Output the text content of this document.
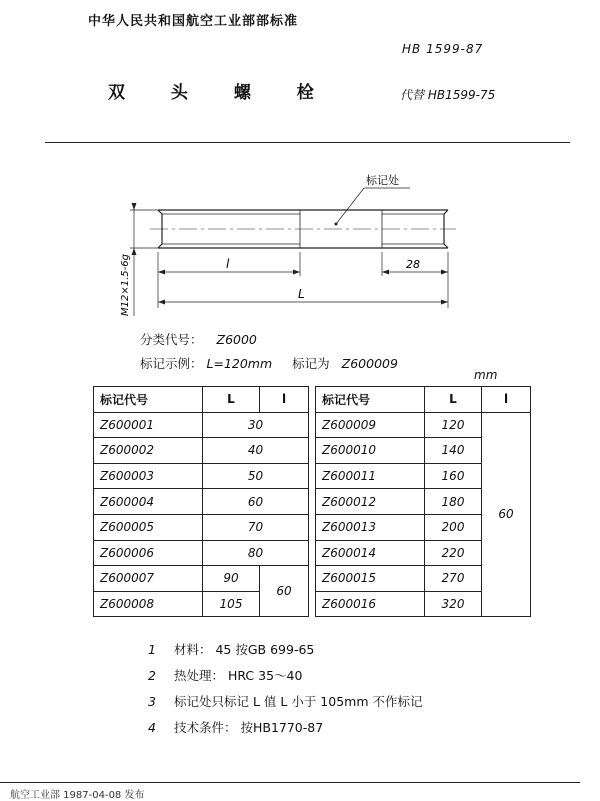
中华人民共和国航空工业部部标准
HB 1599-87
双 头 螺 栓	代替 HB1599-75
标记处
l	28
L
M12×1.5-6g
分类代号： Z6000
标记示例： L=120mm 标记为 Z600009
mm
标记代号	L	l		标记代号	L	l
Z600001	30			Z600009	120	60
Z600002	40			Z600010	140	
Z600003	50			Z600011	160	
Z600004	60			Z600012	180	
Z600005	70			Z600013	200	
Z600006	80			Z600014	220	
Z600007	90	60		Z600015	270	
Z600008	105			Z600016	320	
1 材料： 45 按GB 699-65
2 热处理： HRC 35～40
3 标记处只标记 L 值 L 小于 105mm 不作标记
4 技术条件： 按HB1770-87
航空工业部 1987-04-08 发布
